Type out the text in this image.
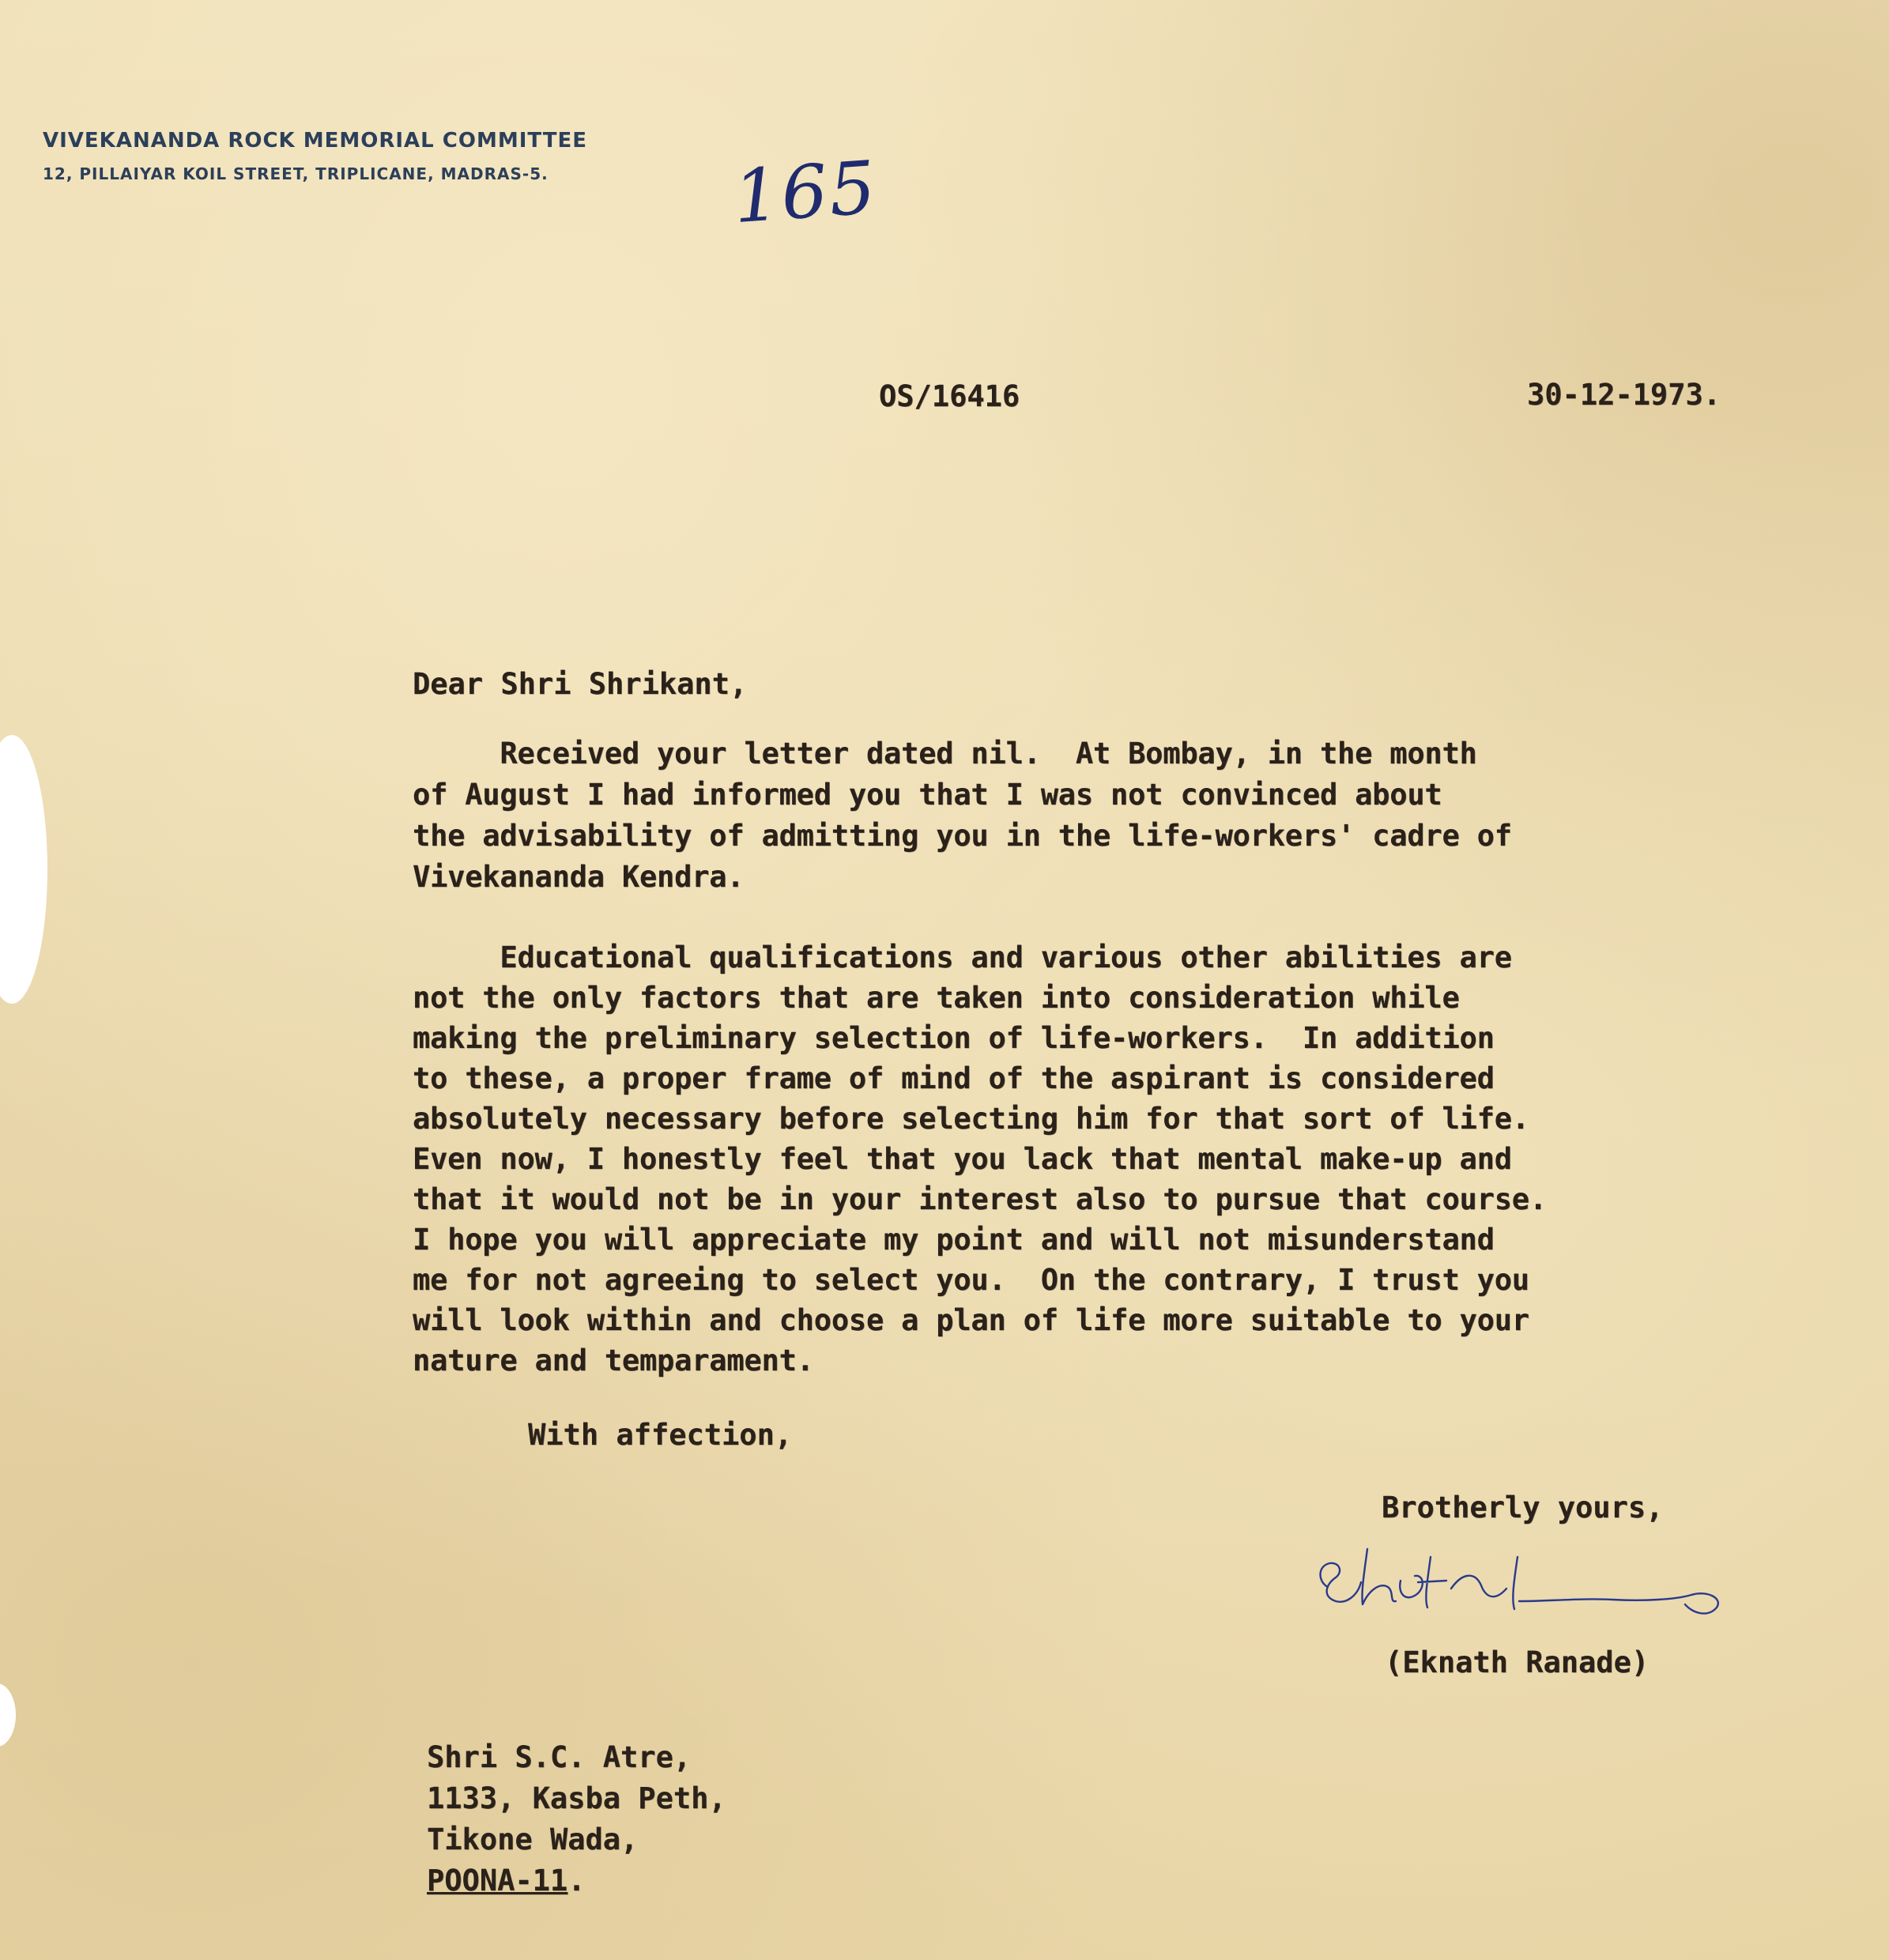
VIVEKANANDA ROCK MEMORIAL COMMITTEE
12, PILLAIYAR KOIL STREET, TRIPLICANE, MADRAS-5.	165
OS/16416	30-12-1973.
Dear Shri Shrikant,
Received your letter dated nil.  At Bombay, in the month
of August I had informed you that I was not convinced about
the advisability of admitting you in the life-workers' cadre of
Vivekananda Kendra.
Educational qualifications and various other abilities are
not the only factors that are taken into consideration while
making the preliminary selection of life-workers.  In addition
to these, a proper frame of mind of the aspirant is considered
absolutely necessary before selecting him for that sort of life.
Even now, I honestly feel that you lack that mental make-up and
that it would not be in your interest also to pursue that course.
I hope you will appreciate my point and will not misunderstand
me for not agreeing to select you.  On the contrary, I trust you
will look within and choose a plan of life more suitable to your
nature and temparament.
With affection,
Brotherly yours,
(Eknath Ranade)
Shri S.C. Atre,
1133, Kasba Peth,
Tikone Wada,
POONA-11.
